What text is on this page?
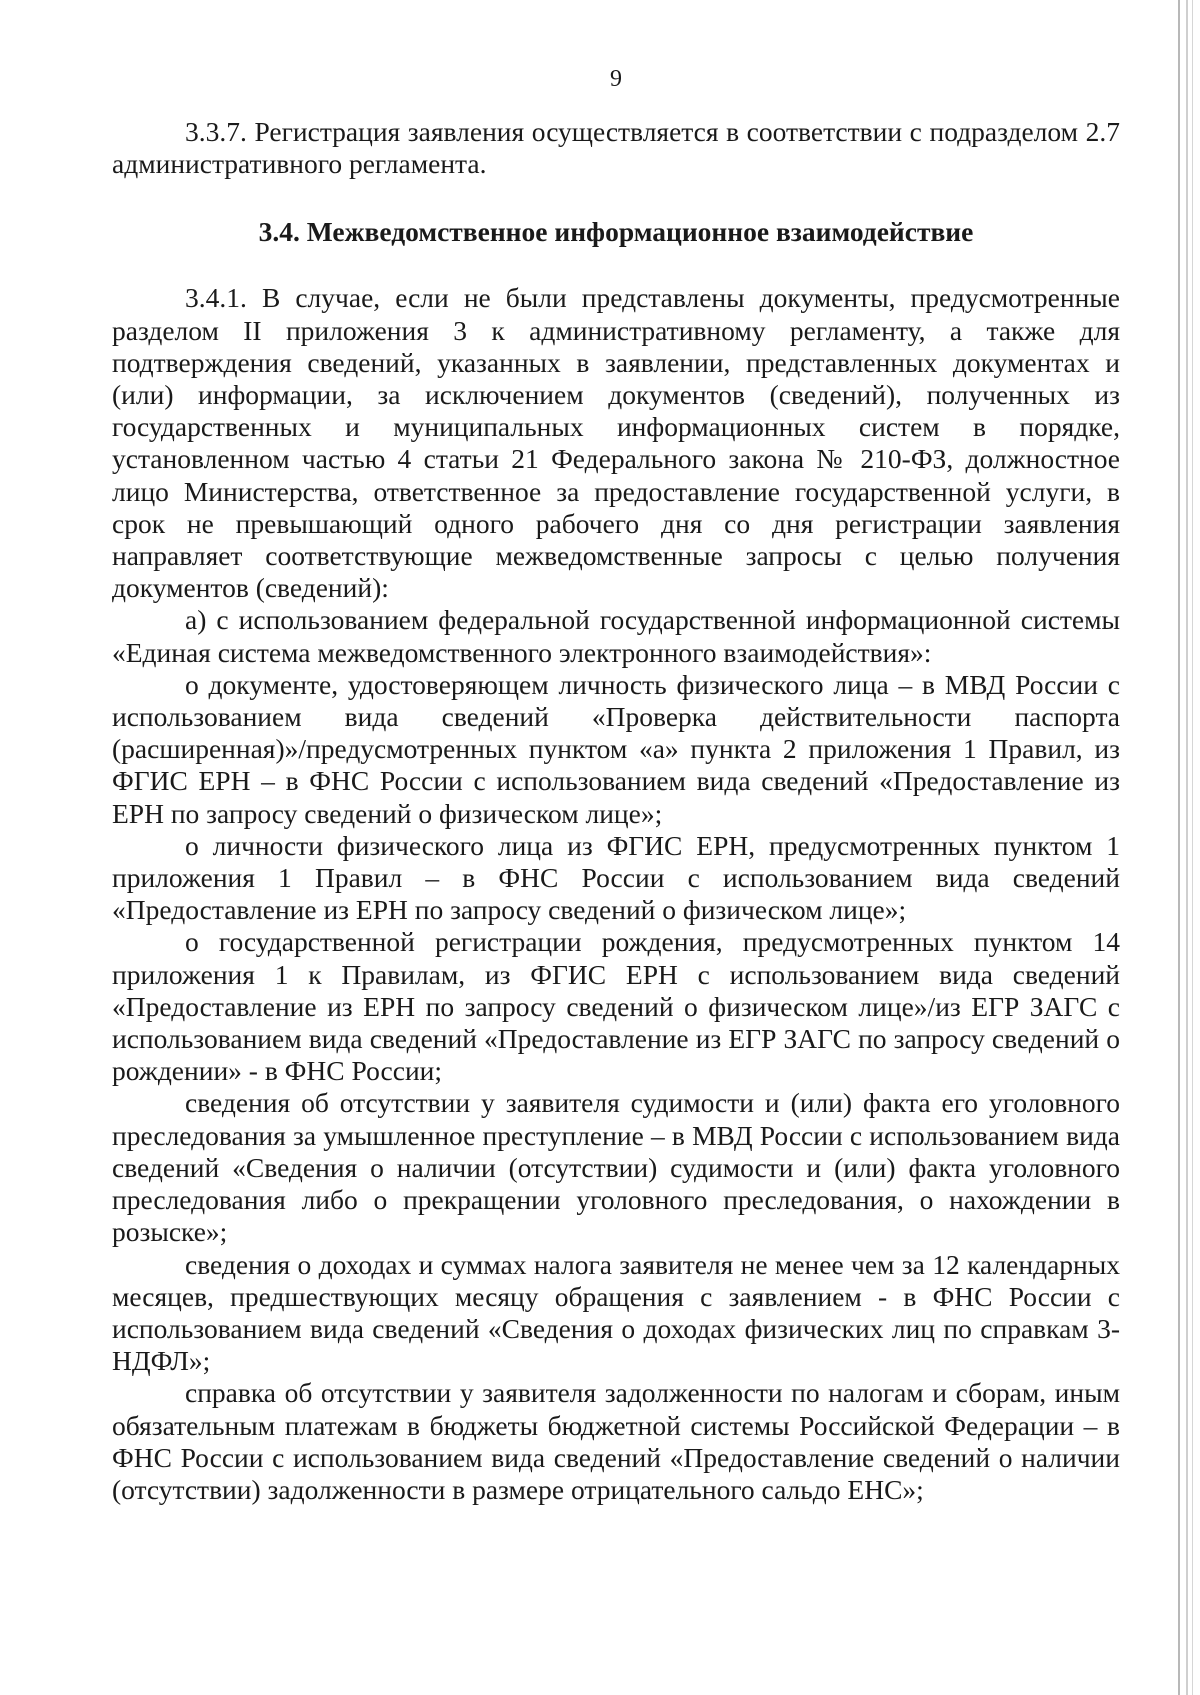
9

3.3.7. Регистрация заявления осуществляется в соответствии с подразделом 2.7 административного регламента.

3.4. Межведомственное информационное взаимодействие

3.4.1. В случае, если не были представлены документы, предусмотренные разделом II приложения 3 к административному регламенту, а также для подтверждения сведений, указанных в заявлении, представленных документах и (или) информации, за исключением документов (сведений), полученных из государственных и муниципальных информационных систем в порядке, установленном частью 4 статьи 21 Федерального закона № 210-ФЗ, должностное лицо Министерства, ответственное за предоставление государственной услуги, в срок не превышающий одного рабочего дня со дня регистрации заявления направляет соответствующие межведомственные запросы с целью получения документов (сведений):

а) с использованием федеральной государственной информационной системы «Единая система межведомственного электронного взаимодействия»:

о документе, удостоверяющем личность физического лица – в МВД России с использованием вида сведений «Проверка действительности паспорта (расширенная)»/предусмотренных пунктом «а» пункта 2 приложения 1 Правил, из ФГИС ЕРН – в ФНС России с использованием вида сведений «Предоставление из ЕРН по запросу сведений о физическом лице»;

о личности физического лица из ФГИС ЕРН, предусмотренных пунктом 1 приложения 1 Правил – в ФНС России с использованием вида сведений «Предоставление из ЕРН по запросу сведений о физическом лице»;

о государственной регистрации рождения, предусмотренных пунктом 14 приложения 1 к Правилам, из ФГИС ЕРН с использованием вида сведений «Предоставление из ЕРН по запросу сведений о физическом лице»/из ЕГР ЗАГС с использованием вида сведений «Предоставление из ЕГР ЗАГС по запросу сведений о рождении» - в ФНС России;

сведения об отсутствии у заявителя судимости и (или) факта его уголовного преследования за умышленное преступление – в МВД России с использованием вида сведений «Сведения о наличии (отсутствии) судимости и (или) факта уголовного преследования либо о прекращении уголовного преследования, о нахождении в розыске»;

сведения о доходах и суммах налога заявителя не менее чем за 12 календарных месяцев, предшествующих месяцу обращения с заявлением - в ФНС России с использованием вида сведений «Сведения о доходах физических лиц по справкам 3-НДФЛ»;

справка об отсутствии у заявителя задолженности по налогам и сборам, иным обязательным платежам в бюджеты бюджетной системы Российской Федерации – в ФНС России с использованием вида сведений «Предоставление сведений о наличии (отсутствии) задолженности в размере отрицательного сальдо ЕНС»;
